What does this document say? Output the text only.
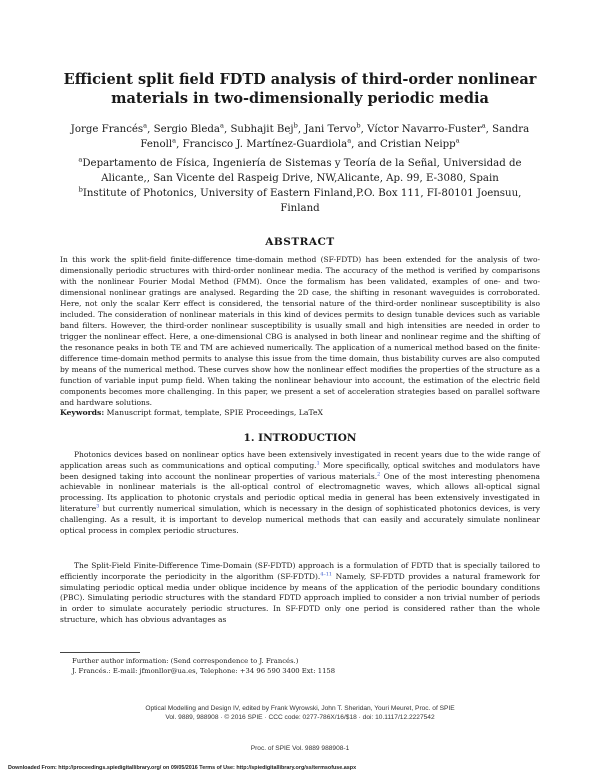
Efficient split field FDTD analysis of third-order nonlinear
materials in two-dimensionally periodic media
Jorge Francés$^a$, Sergio Bleda$^a$, Subhajit Bej$^b$, Jani Tervo$^b$, Víctor Navarro-Fuster$^a$, Sandra Fenoll$^a$, Francisco J. Martínez-Guardiola$^a$, and Cristian Neipp$^a$
$^a$Departamento de Física, Ingeniería de Sistemas y Teoría de la Señal, Universidad de Alicante,, San Vicente del Raspeig Drive, NW,Alicante, Ap. 99, E-3080, Spain
$^b$Institute of Photonics, University of Eastern Finland,P.O. Box 111, FI-80101 Joensuu, Finland
ABSTRACT

In this work the split-field finite-difference time-domain method (SF-FDTD) has been extended for the analysis of two-dimensionally periodic structures with third-order nonlinear media. The accuracy of the method is verified by comparisons with the nonlinear Fourier Modal Method (FMM). Once the formalism has been validated, examples of one- and two-dimensional nonlinear gratings are analysed. Regarding the 2D case, the shifting in resonant waveguides is corroborated. Here, not only the scalar Kerr effect is considered, the tensorial nature of the third-order nonlinear susceptibility is also included. The consideration of nonlinear materials in this kind of devices permits to design tunable devices such as variable band filters. However, the third-order nonlinear susceptibility is usually small and high intensities are needed in order to trigger the nonlinear effect. Here, a one-dimensional CBG is analysed in both linear and nonlinear regime and the shifting of the resonance peaks in both TE and TM are achieved numerically. The application of a numerical method based on the finite-difference time-domain method permits to analyse this issue from the time domain, thus bistability curves are also computed by means of the numerical method. These curves show how the nonlinear effect modifies the properties of the structure as a function of variable input pump field. When taking the nonlinear behaviour into account, the estimation of the electric field components becomes more challenging. In this paper, we present a set of acceleration strategies based on parallel software and hardware solutions.

Keywords: Manuscript format, template, SPIE Proceedings, LaTeX
1. INTRODUCTION

Photonics devices based on nonlinear optics have been extensively investigated in recent years due to the wide range of application areas such as communications and optical computing.$^1$ More specifically, optical switches and modulators have been designed taking into account the nonlinear properties of various materials.$^2$ One of the most interesting phenomena achievable in nonlinear materials is the all-optical control of electromagnetic waves, which allows all-optical signal processing. Its application to photonic crystals and periodic optical media in general has been extensively investigated in literature$^3$ but currently numerical simulation, which is necessary in the design of sophisticated photonics devices, is very challenging. As a result, it is important to develop numerical methods that can easily and accurately simulate nonlinear optical process in complex periodic structures.

The Split-Field Finite-Difference Time-Domain (SF-FDTD) approach is a formulation of FDTD that is specially tailored to efficiently incorporate the periodicity in the algorithm (SF-FDTD).$^{4-11}$ Namely, SF-FDTD provides a natural framework for simulating periodic optical media under oblique incidence by means of the application of the periodic boundary conditions (PBC). Simulating periodic structures with the standard FDTD approach implied to consider a non trivial number of periods in order to simulate accurately periodic structures. In SF-FDTD only one period is considered rather than the whole structure, which has obvious advantages as

Further author information: (Send correspondence to J. Francés.)
J. Francés.: E-mail: jfmonllor@ua.es, Telephone: +34 96 590 3400 Ext: 1158
Optical Modelling and Design IV, edited by Frank Wyrowski, John T. Sheridan, Youri Meuret, Proc. of SPIE
Vol. 9889, 988908 · © 2016 SPIE · CCC code: 0277-786X/16/$18 · doi: 10.1117/12.2227542
Proc. of SPIE Vol. 9889 988908-1
Downloaded From: http://proceedings.spiedigitallibrary.org/ on 09/05/2016 Terms of Use: http://spiedigitallibrary.org/ss/termsofuse.aspx
